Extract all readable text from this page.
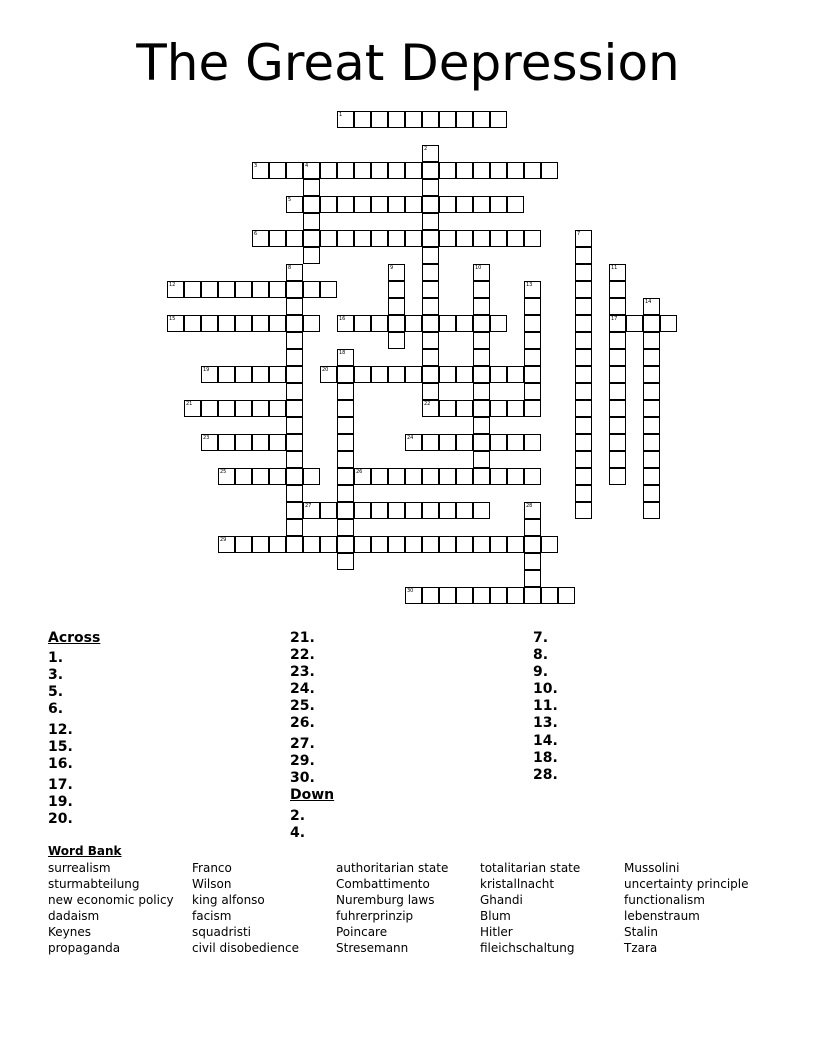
The Great Depression
1
3	4
5
6
12
15	16	17
19	20
21	22
23	24
25	26
27
29
30
2
7
8	9	10	11
13
14
18
28
Across
1.
3.
5.
6.
12.
15.
16.
17.
19.
20.
21.
22.
23.
24.
25.
26.
27.
29.
30.
Down
2.
4.
7.
8.
9.
10.
11.
13.
14.
18.
28.
Word Bank
surrealism
sturmabteilung
new economic policy
dadaism
Keynes
propaganda
Franco
Wilson
king alfonso
facism
squadristi
civil disobedience
authoritarian state
Combattimento
Nuremburg laws
fuhrerprinzip
Poincare
Stresemann
totalitarian state
kristallnacht
Ghandi
Blum
Hitler
fileichschaltung
Mussolini
uncertainty principle
functionalism
lebenstraum
Stalin
Tzara
